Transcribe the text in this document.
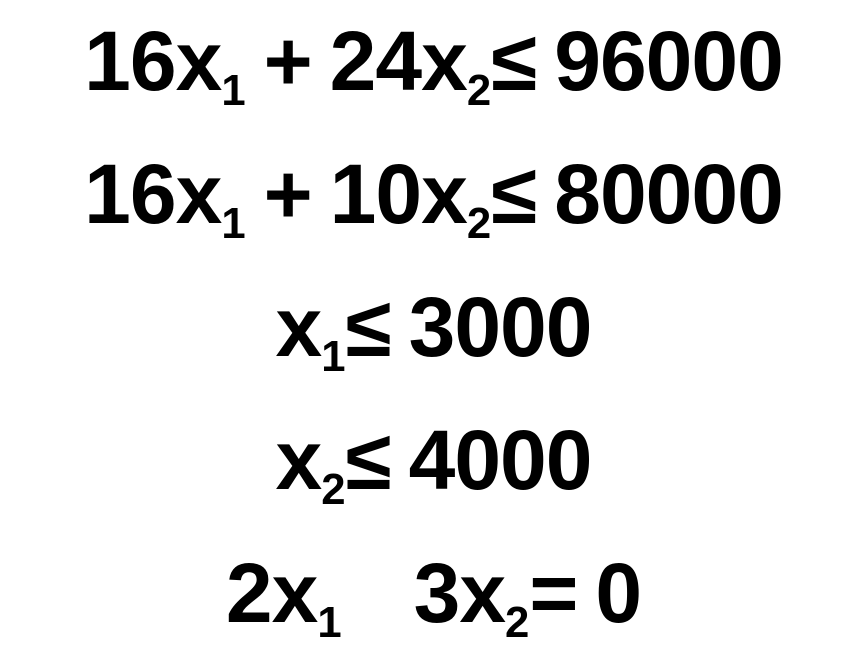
$16x_1 + 24x_2\le 96000$
$16x_1 + 10x_2\le 80000$
$x_1\le 3000$
$x_2\le 4000$
$2x_1$ $3x_2= 0$
